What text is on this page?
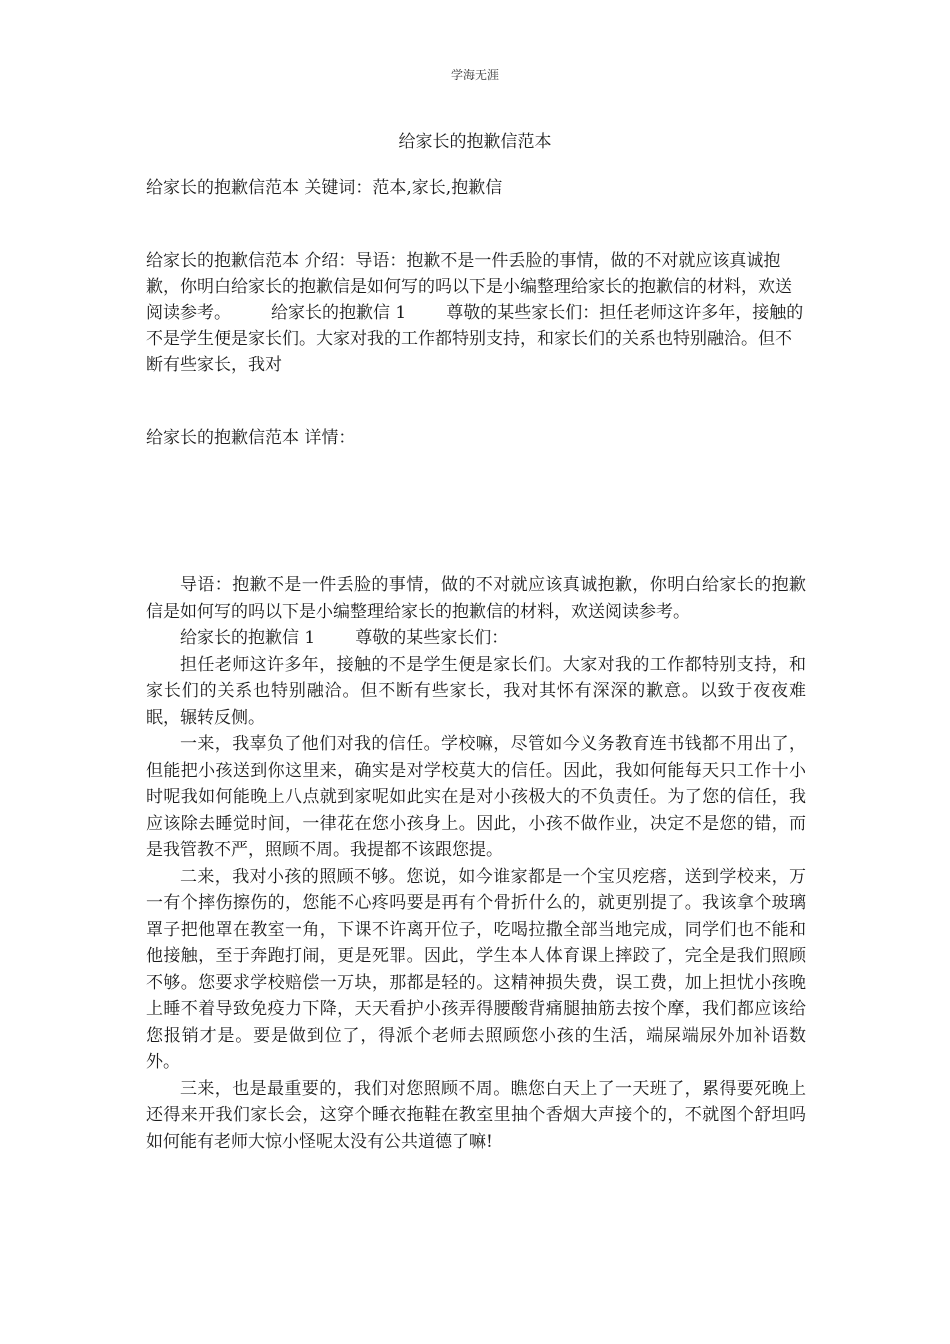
学海无涯
给家长的抱歉信范本
给家长的抱歉信范本 关键词：范本,家长,抱歉信
给家长的抱歉信范本 介绍：导语：抱歉不是一件丢脸的事情，做的不对就应该真诚抱歉，你明白给家长的抱歉信是如何写的吗以下是小编整理给家长的抱歉信的材料，欢送阅读参考。 给家长的抱歉信 1 尊敬的某些家长们：担任老师这许多年，接触的不是学生便是家长们。大家对我的工作都特别支持，和家长们的关系也特别融洽。但不断有些家长，我对
给家长的抱歉信范本 详情：

导语：抱歉不是一件丢脸的事情，做的不对就应该真诚抱歉，你明白给家长的抱歉信是如何写的吗以下是小编整理给家长的抱歉信的材料，欢送阅读参考。

给家长的抱歉信 1 尊敬的某些家长们：

担任老师这许多年，接触的不是学生便是家长们。大家对我的工作都特别支持，和家长们的关系也特别融洽。但不断有些家长，我对其怀有深深的歉意。以致于夜夜难眠，辗转反侧。

一来，我辜负了他们对我的信任。学校嘛，尽管如今义务教育连书钱都不用出了，但能把小孩送到你这里来，确实是对学校莫大的信任。因此，我如何能每天只工作十小时呢我如何能晚上八点就到家呢如此实在是对小孩极大的不负责任。为了您的信任，我应该除去睡觉时间，一律花在您小孩身上。因此，小孩不做作业，决定不是您的错，而是我管教不严，照顾不周。我提都不该跟您提。

二来，我对小孩的照顾不够。您说，如今谁家都是一个宝贝疙瘩，送到学校来，万一有个摔伤擦伤的，您能不心疼吗要是再有个骨折什么的，就更别提了。我该拿个玻璃罩子把他罩在教室一角，下课不许离开位子，吃喝拉撒全部当地完成，同学们也不能和他接触，至于奔跑打闹，更是死罪。因此，学生本人体育课上摔跤了，完全是我们照顾不够。您要求学校赔偿一万块，那都是轻的。这精神损失费，误工费，加上担忧小孩晚上睡不着导致免疫力下降，天天看护小孩弄得腰酸背痛腿抽筋去按个摩，我们都应该给您报销才是。要是做到位了，得派个老师去照顾您小孩的生活，端屎端尿外加补语数外。

三来，也是最重要的，我们对您照顾不周。瞧您白天上了一天班了，累得要死晚上还得来开我们家长会，这穿个睡衣拖鞋在教室里抽个香烟大声接个的，不就图个舒坦吗如何能有老师大惊小怪呢太没有公共道德了嘛!
